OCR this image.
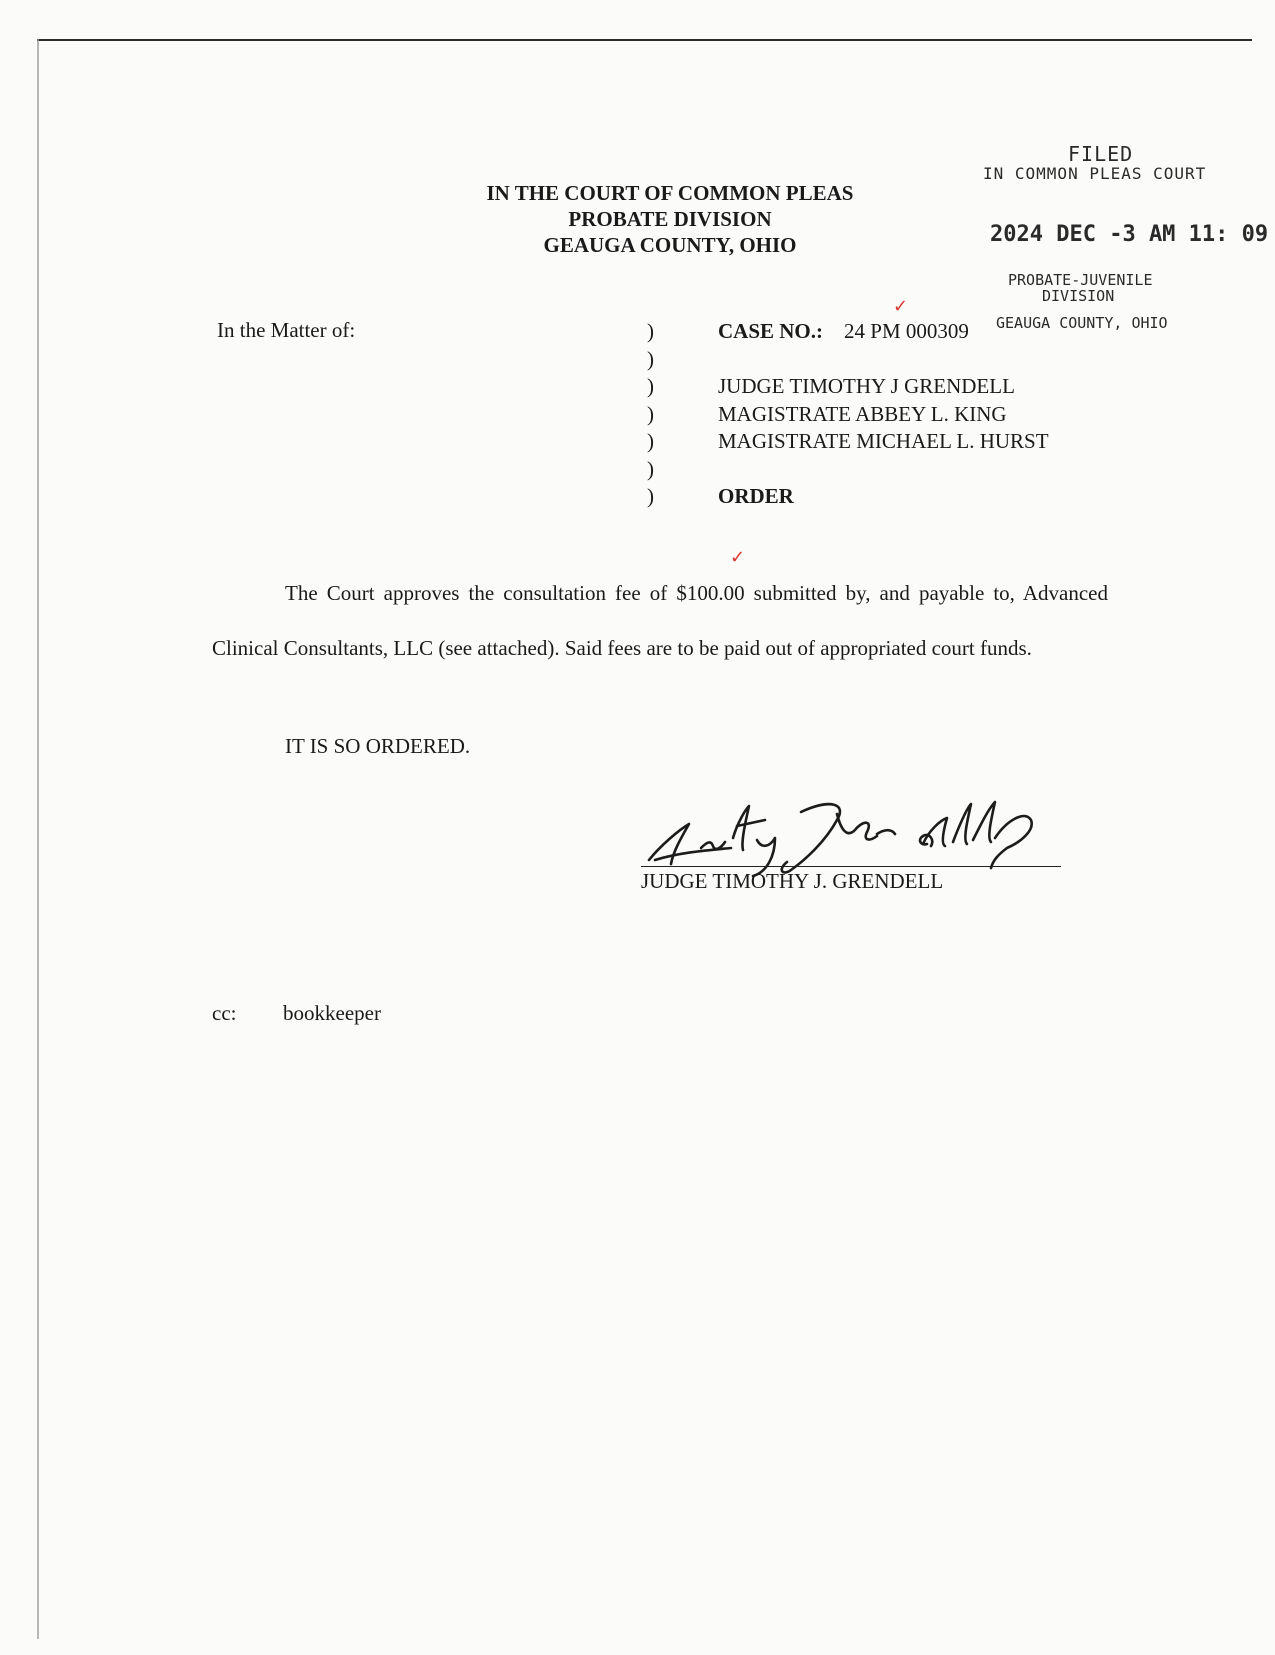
IN THE COURT OF COMMON PLEAS
PROBATE DIVISION
GEAUGA COUNTY, OHIO
FILED
IN COMMON PLEAS COURT
2024 DEC -3 AM 11: 09
PROBATE-JUVENILE
DIVISION
GEAUGA COUNTY, OHIO
In the Matter of:	)
)
)
)
)
)
)
CASE NO.: 24 PM 000309
JUDGE TIMOTHY J GRENDELL
MAGISTRATE ABBEY L. KING
MAGISTRATE MICHAEL L. HURST
ORDER
✓
✓

The Court approves the consultation fee of $100.00 submitted by, and payable to, Advanced Clinical Consultants, LLC (see attached). Said fees are to be paid out of appropriated court funds.

IT IS SO ORDERED.
JUDGE TIMOTHY J. GRENDELL
cc: bookkeeper
